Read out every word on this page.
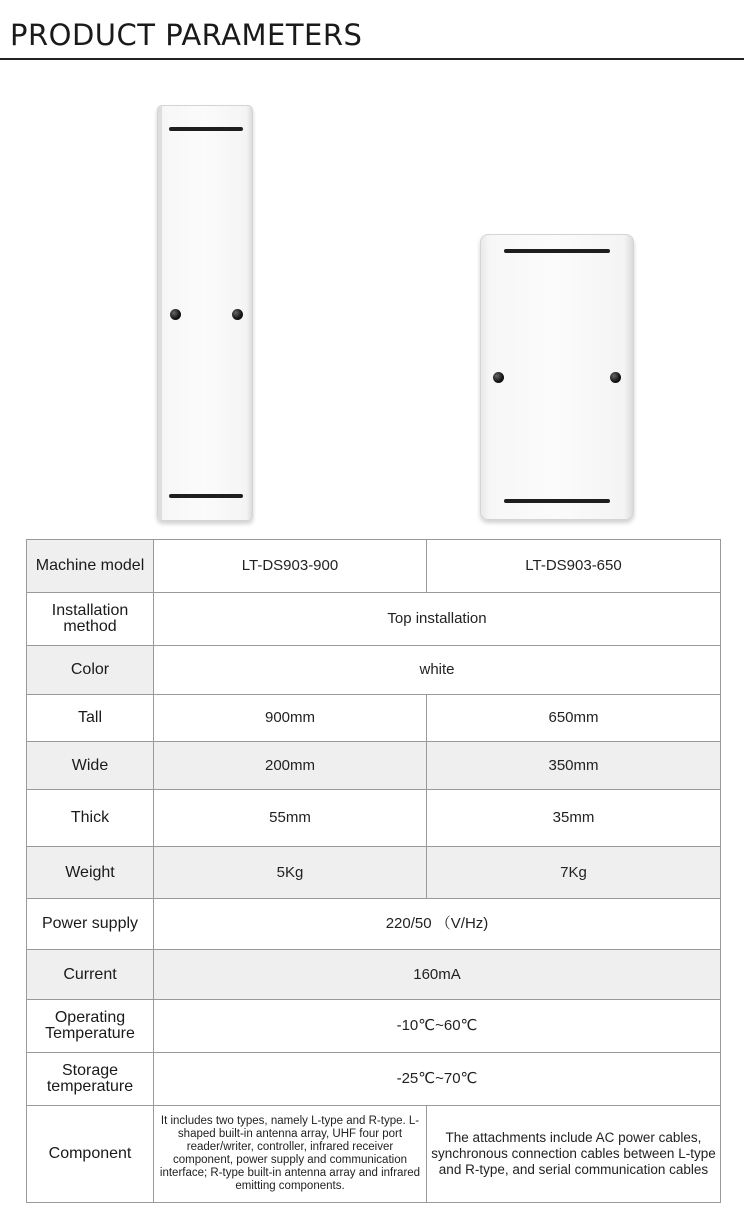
PRODUCT PARAMETERS
Machine model	LT-DS903-900	LT-DS903-650
Installation method	Top installation	
Color	white	
Tall	900mm	650mm
Wide	200mm	350mm
Thick	55mm	35mm
Weight	5Kg	7Kg
Power supply	220/50 （V/Hz)	
Current	160mA	
Operating Temperature	-10℃~60℃	
Storage temperature	-25℃~70℃	
Component	It includes two types, namely L-type and R-type. L-shaped built-in antenna array, UHF four port reader/writer, controller, infrared receiver component, power supply and communication interface; R-type built-in antenna array and infrared emitting components.	The attachments include AC power cables, synchronous connection cables between L-type and R-type, and serial communication cables
